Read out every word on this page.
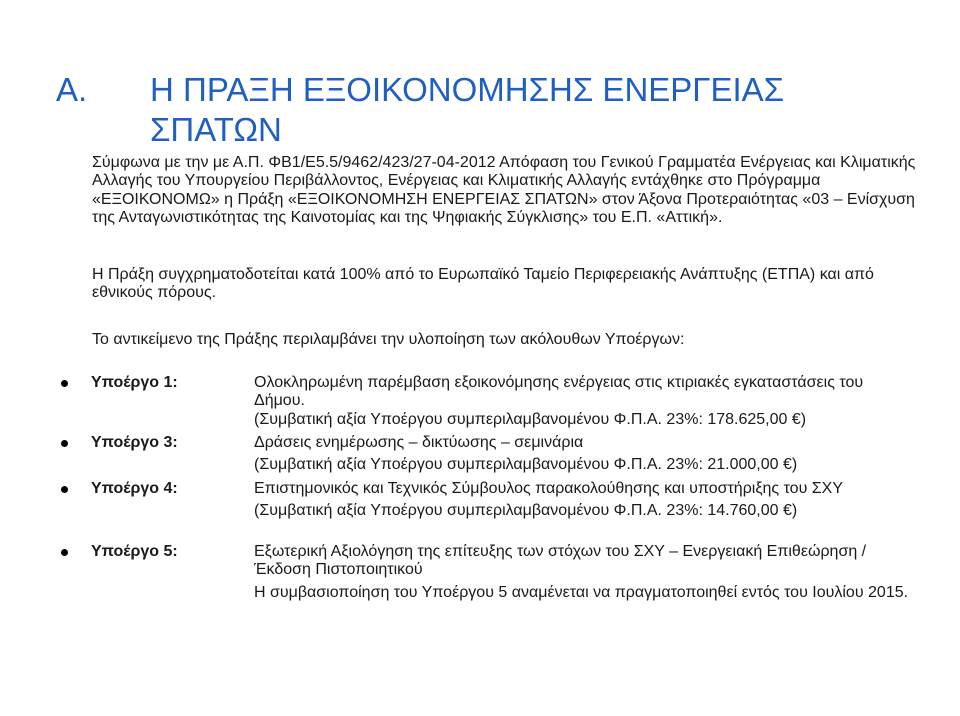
Α. Η ΠΡΑΞΗ ΕΞΟΙΚΟΝΟΜΗΣΗΣ ΕΝΕΡΓΕΙΑΣ
ΣΠΑΤΩΝ
Σύμφωνα με την με Α.Π. ΦΒ1/Ε5.5/9462/423/27-04-2012 Απόφαση του Γενικού Γραμματέα Ενέργειας και Κλιματικής Αλλαγής του Υπουργείου Περιβάλλοντος, Ενέργειας και Κλιματικής Αλλαγής εντάχθηκε στο Πρόγραμμα «ΕΞΟΙΚΟΝΟΜΩ» η Πράξη «ΕΞΟΙΚΟΝΟΜΗΣΗ ΕΝΕΡΓΕΙΑΣ ΣΠΑΤΩΝ» στον Άξονα Προτεραιότητας «03 – Ενίσχυση της Ανταγωνιστικότητας της Καινοτομίας και της Ψηφιακής Σύγκλισης» του Ε.Π. «Αττική».
Η Πράξη συγχρηματοδοτείται κατά 100% από το Ευρωπαϊκό Ταμείο Περιφερειακής Ανάπτυξης (ΕΤΠΑ) και από εθνικούς πόρους.
Το αντικείμενο της Πράξης περιλαμβάνει την υλοποίηση των ακόλουθων Υποέργων:
Υποέργο 1:	Ολοκληρωμένη παρέμβαση εξοικονόμησης ενέργειας στις κτιριακές εγκαταστάσεις του Δήμου.
(Συμβατική αξία Υποέργου συμπεριλαμβανομένου Φ.Π.Α. 23%: 178.625,00 €)
Υποέργο 3:	Δράσεις ενημέρωσης – δικτύωσης – σεμινάρια
(Συμβατική αξία Υποέργου συμπεριλαμβανομένου Φ.Π.Α. 23%: 21.000,00 €)
Υποέργο 4:	Επιστημονικός και Τεχνικός Σύμβουλος παρακολούθησης και υποστήριξης του ΣΧΥ
(Συμβατική αξία Υποέργου συμπεριλαμβανομένου Φ.Π.Α. 23%: 14.760,00 €)
Υποέργο 5:	Εξωτερική Αξιολόγηση της επίτευξης των στόχων του ΣΧΥ – Ενεργειακή Επιθεώρηση / Έκδοση Πιστοποιητικού
Η συμβασιοποίηση του Υποέργου 5 αναμένεται να πραγματοποιηθεί εντός του Ιουλίου 2015.
